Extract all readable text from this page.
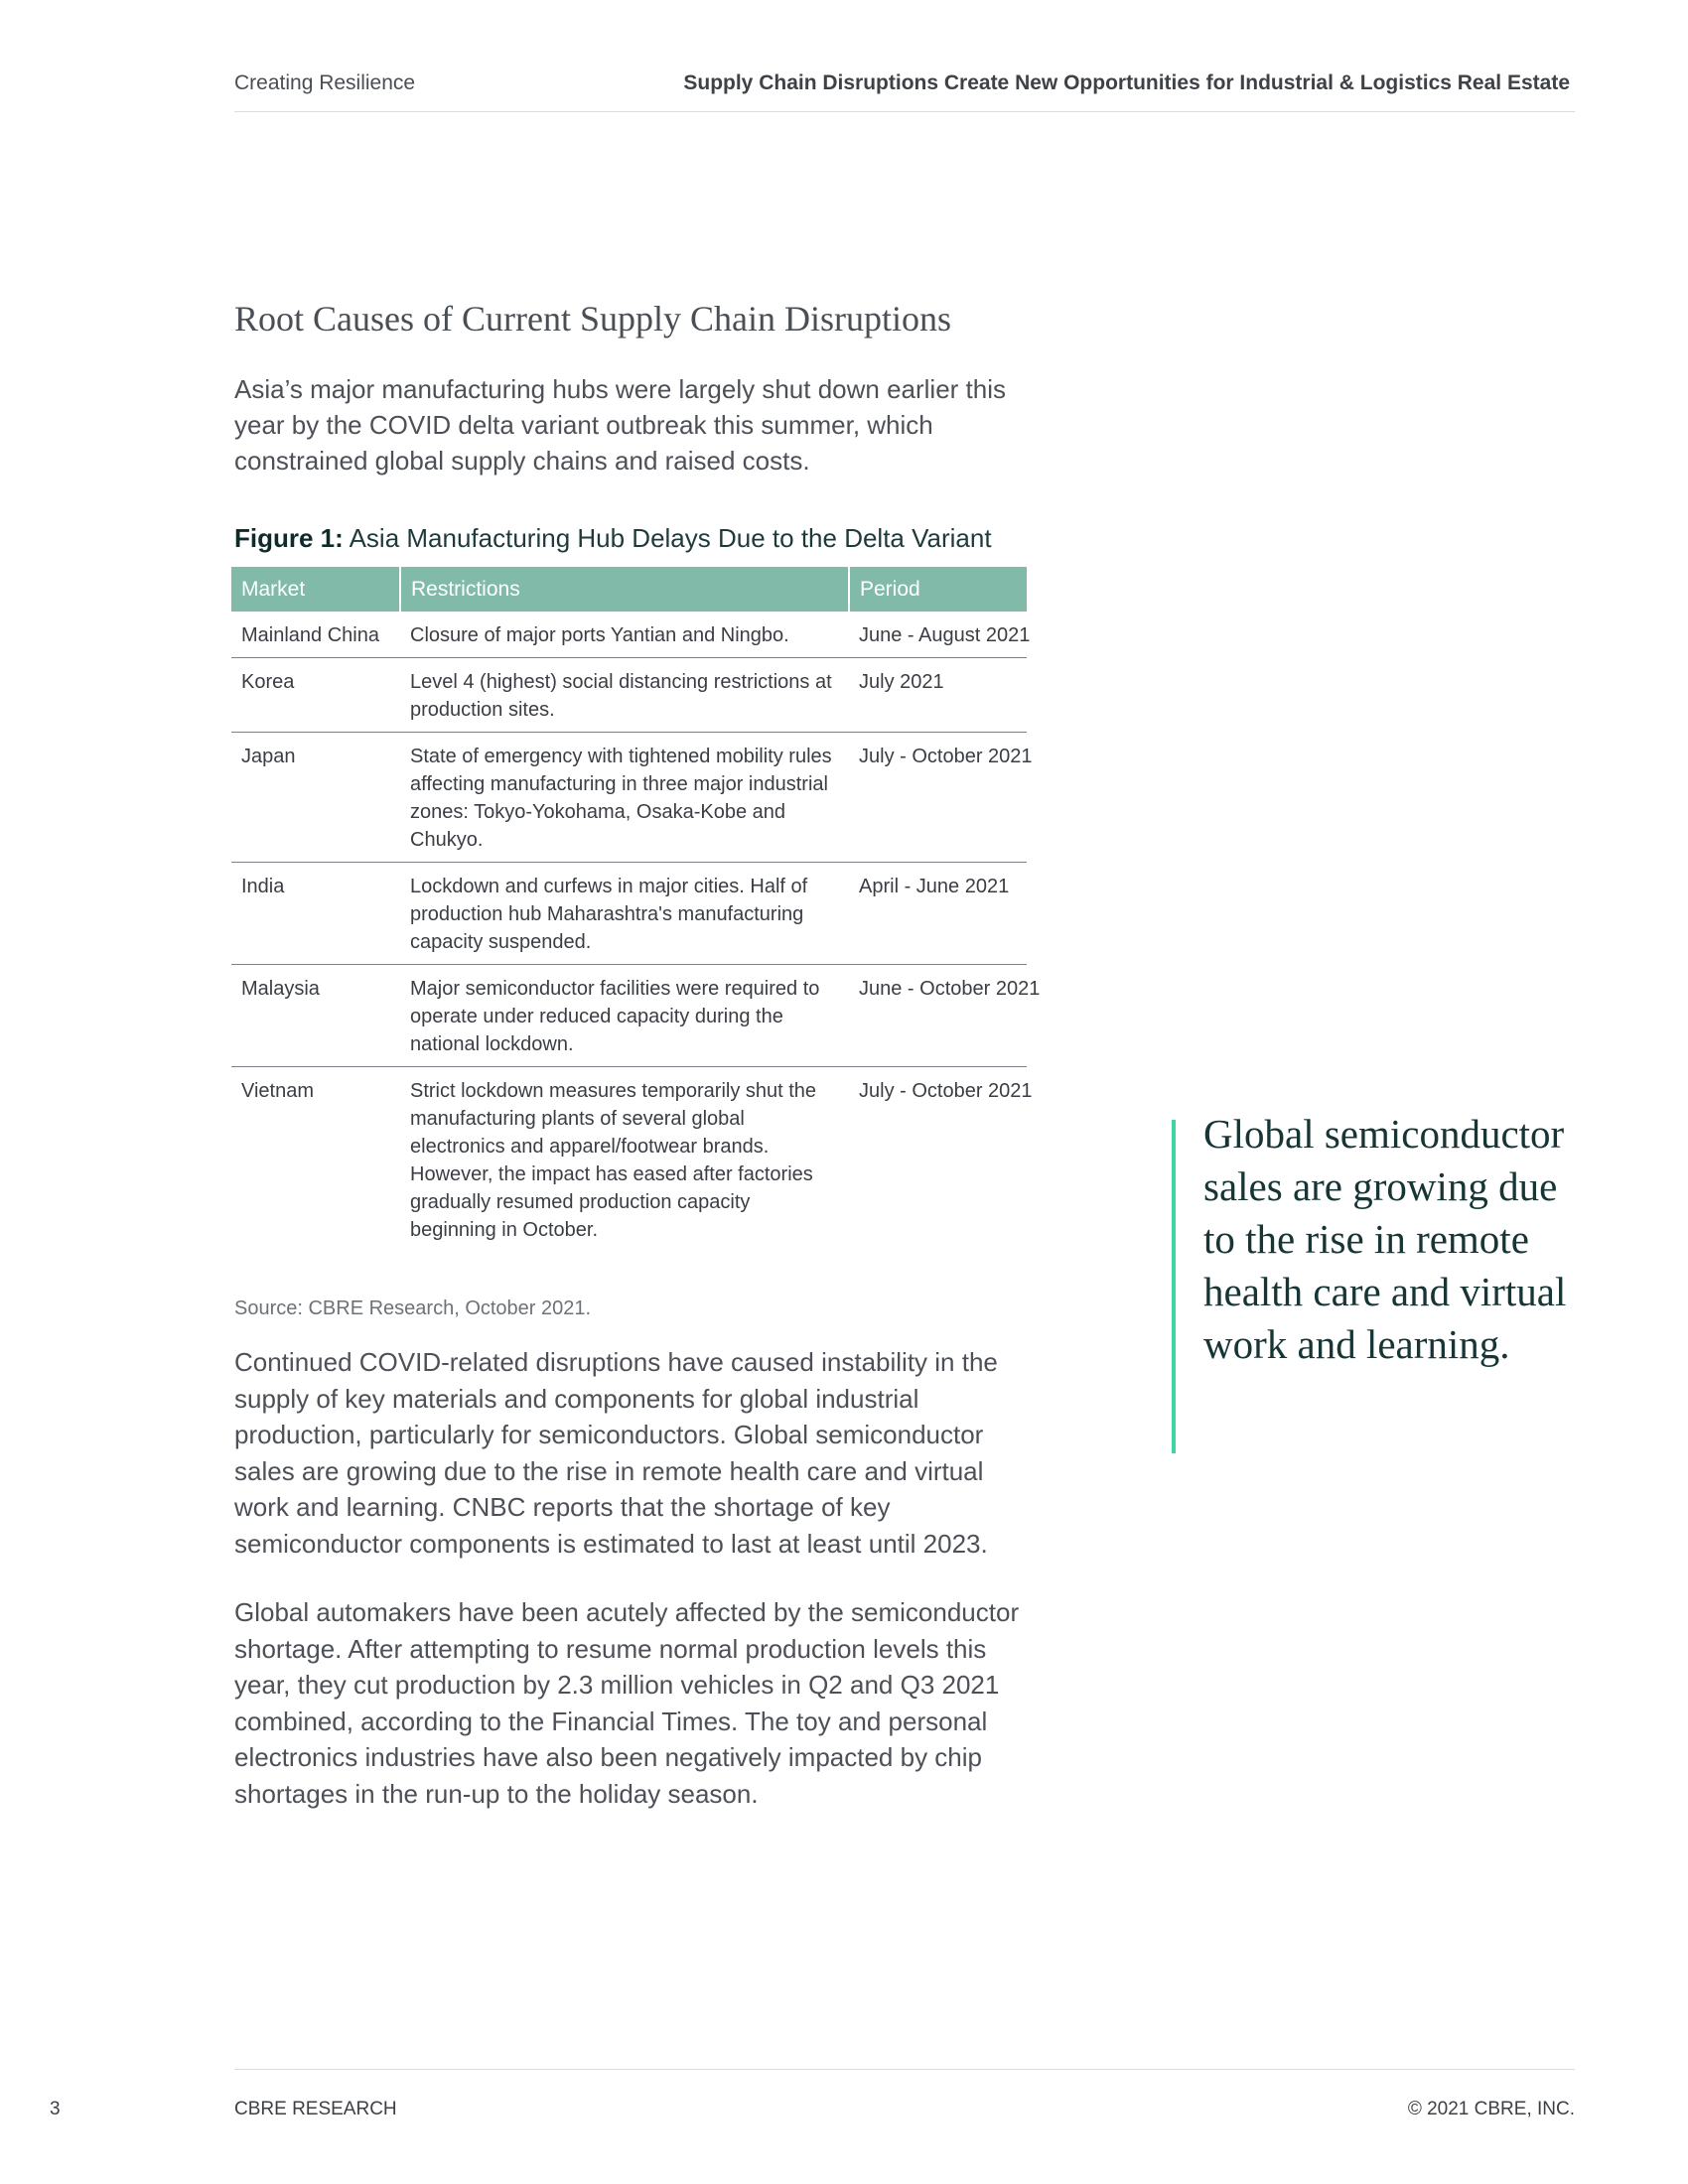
Creating Resilience	Supply Chain Disruptions Create New Opportunities for Industrial & Logistics Real Estate
Root Causes of Current Supply Chain Disruptions

Asia’s major manufacturing hubs were largely shut down earlier this year by the COVID delta variant outbreak this summer, which constrained global supply chains and raised costs.

Figure 1: Asia Manufacturing Hub Delays Due to the Delta Variant

Market	Restrictions	Period
Mainland China	Closure of major ports Yantian and Ningbo.	June - August 2021
Korea	Level 4 (highest) social distancing restrictions at production sites.	July 2021
Japan	State of emergency with tightened mobility rules affecting manufacturing in three major industrial zones: Tokyo-Yokohama, Osaka-Kobe and Chukyo.	July - October 2021
India	Lockdown and curfews in major cities. Half of production hub Maharashtra's manufacturing capacity suspended.	April - June 2021
Malaysia	Major semiconductor facilities were required to operate under reduced capacity during the national lockdown.	June - October 2021
Vietnam	Strict lockdown measures temporarily shut the manufacturing plants of several global electronics and apparel/footwear brands. However, the impact has eased after factories gradually resumed production capacity beginning in October.	July - October 2021

Source: CBRE Research, October 2021.

Continued COVID-related disruptions have caused instability in the supply of key materials and components for global industrial production, particularly for semiconductors. Global semiconductor sales are growing due to the rise in remote health care and virtual work and learning. CNBC reports that the shortage of key semiconductor components is estimated to last at least until 2023.

Global automakers have been acutely affected by the semiconductor shortage. After attempting to resume normal production levels this year, they cut production by 2.3 million vehicles in Q2 and Q3 2021 combined, according to the Financial Times. The toy and personal electronics industries have also been negatively impacted by chip shortages in the run-up to the holiday season.

Global semiconductor sales are growing due to the rise in remote health care and virtual work and learning.

3	CBRE RESEARCH	© 2021 CBRE, INC.
